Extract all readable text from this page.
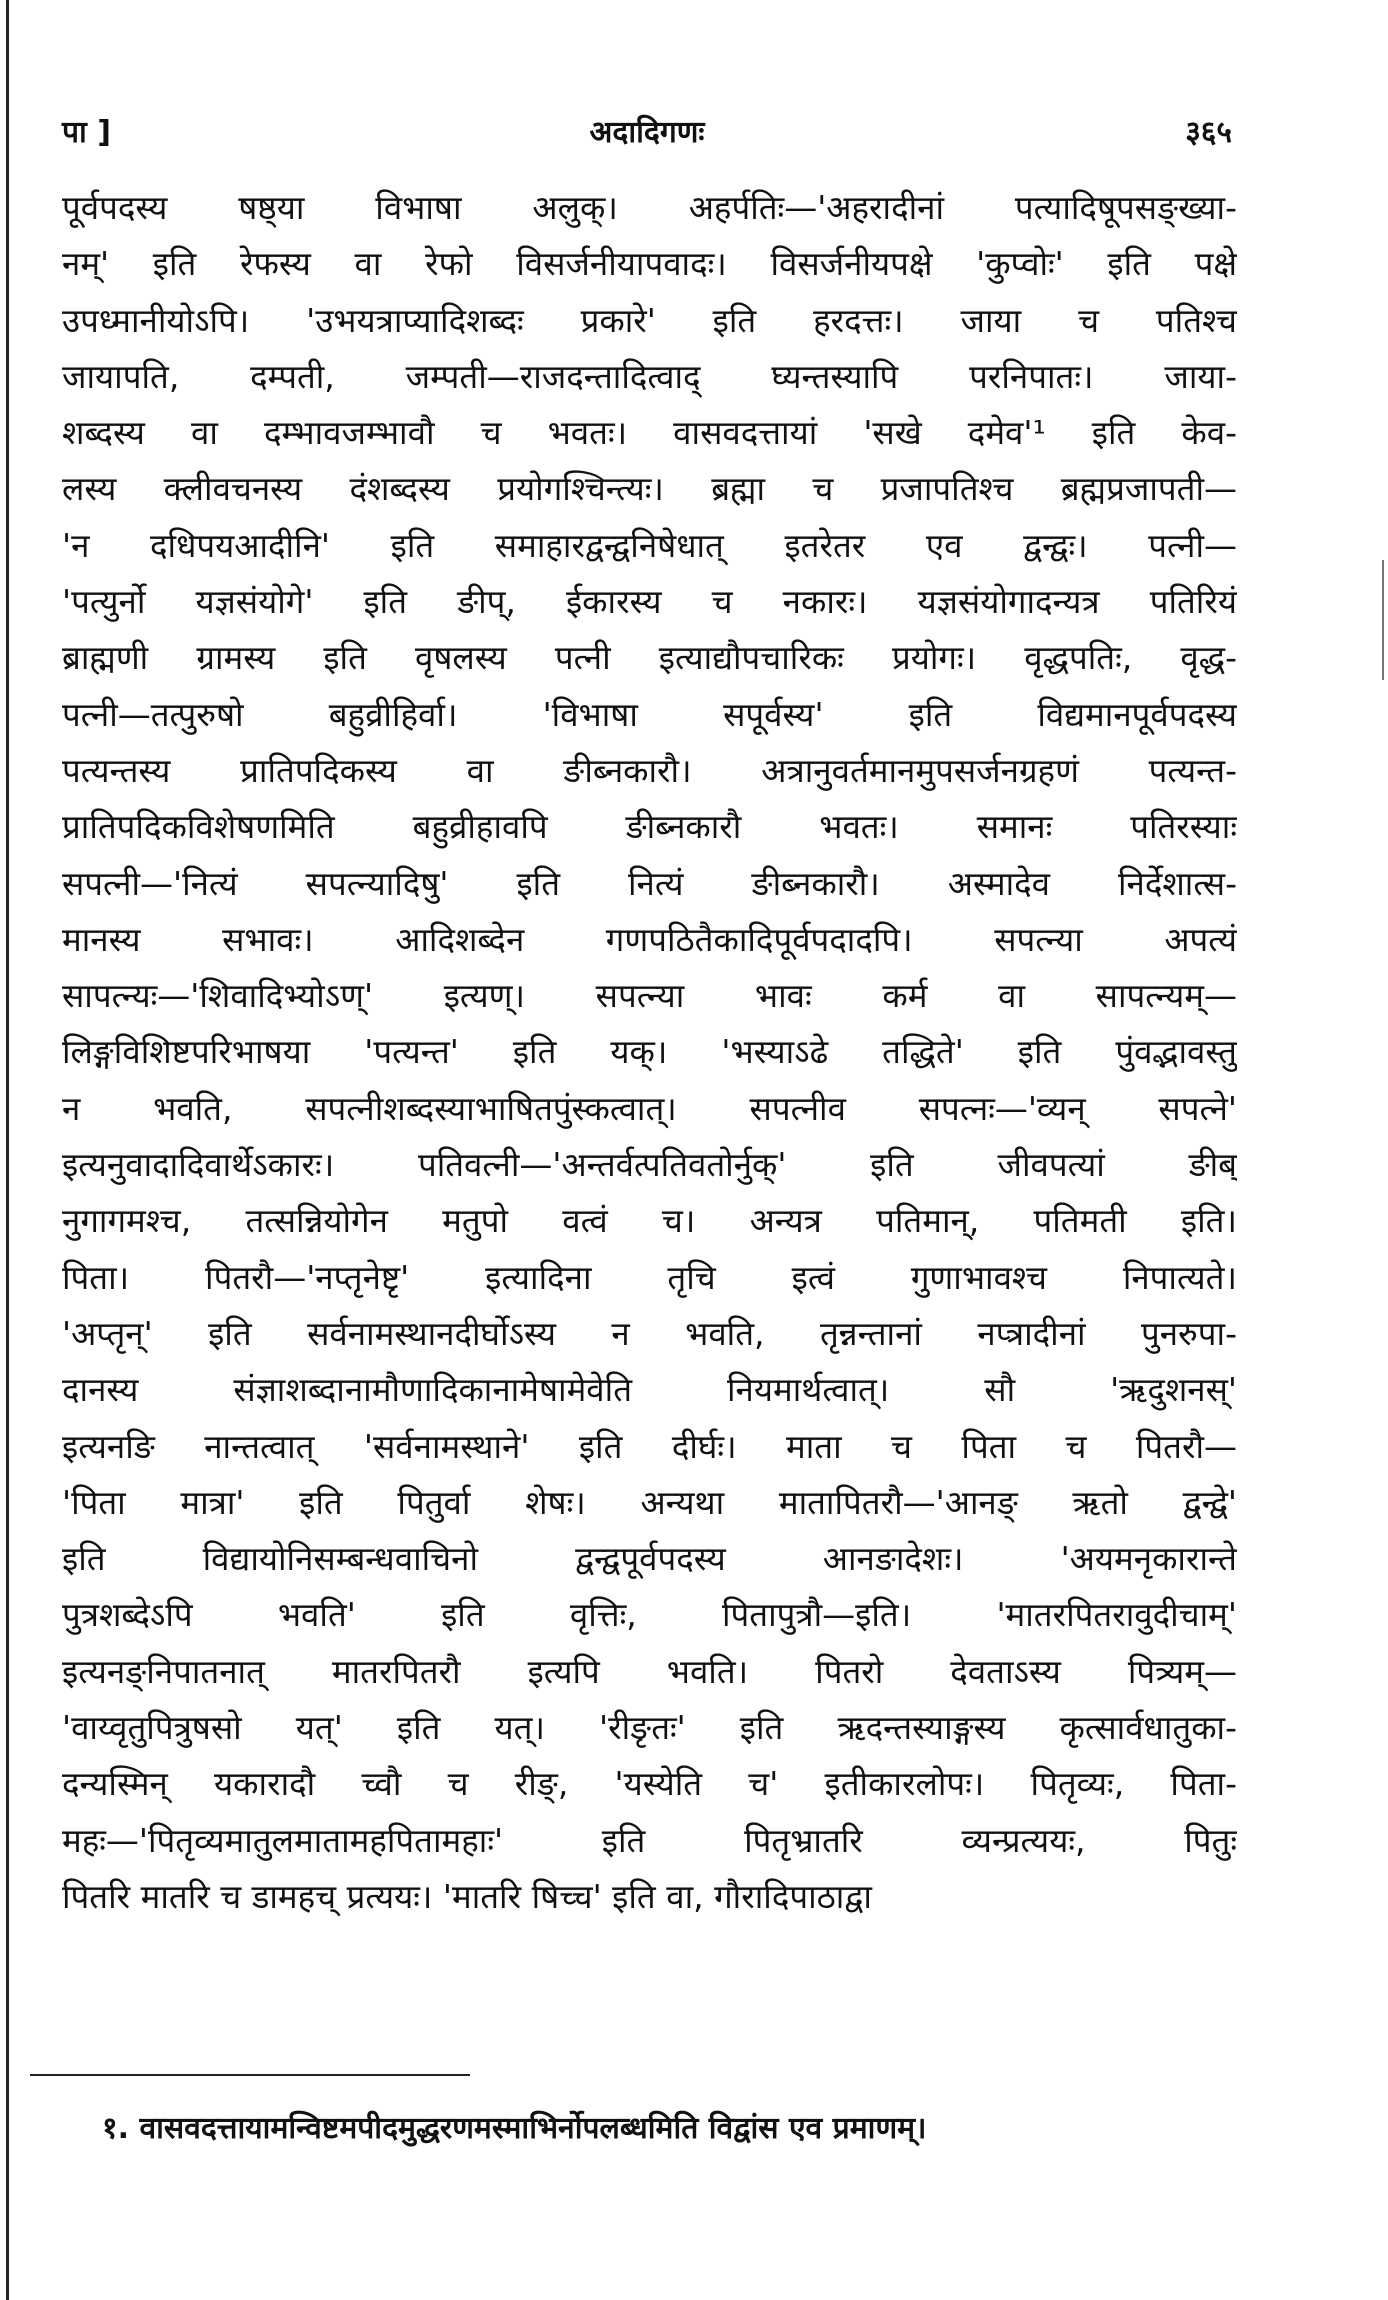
पा ]	अदादिगणः	३६५
पूर्वपदस्य षष्ठ्या विभाषा अलुक्। अहर्पतिः—'अहरादीनां पत्यादिषूपसङ्ख्या-
नम्' इति रेफस्य वा रेफो विसर्जनीयापवादः। विसर्जनीयपक्षे 'कुप्वोः' इति पक्षे
उपध्मानीयोऽपि। 'उभयत्राप्यादिशब्दः प्रकारे' इति हरदत्तः। जाया च पतिश्च
जायापति, दम्पती, जम्पती—राजदन्तादित्वाद् घ्यन्तस्यापि परनिपातः। जाया-
शब्दस्य वा दम्भावजम्भावौ च भवतः। वासवदत्तायां 'सखे दमेव'¹ इति केव-
लस्य क्लीवचनस्य दंशब्दस्य प्रयोगश्चिन्त्यः। ब्रह्मा च प्रजापतिश्च ब्रह्मप्रजापती—
'न दधिपयआदीनि' इति समाहारद्वन्द्वनिषेधात् इतरेतर एव द्वन्द्वः। पत्नी—
'पत्युर्नो यज्ञसंयोगे' इति ङीप्, ईकारस्य च नकारः। यज्ञसंयोगादन्यत्र पतिरियं
ब्राह्मणी ग्रामस्य इति वृषलस्य पत्नी इत्याद्यौपचारिकः प्रयोगः। वृद्धपतिः, वृद्ध-
पत्नी—तत्पुरुषो बहुव्रीहिर्वा। 'विभाषा सपूर्वस्य' इति विद्यमानपूर्वपदस्य
पत्यन्तस्य प्रातिपदिकस्य वा ङीब्नकारौ। अत्रानुवर्तमानमुपसर्जनग्रहणं पत्यन्त-
प्रातिपदिकविशेषणमिति बहुव्रीहावपि ङीब्नकारौ भवतः। समानः पतिरस्याः
सपत्नी—'नित्यं सपत्न्यादिषु' इति नित्यं ङीब्नकारौ। अस्मादेव निर्देशात्स-
मानस्य सभावः। आदिशब्देन गणपठितैकादिपूर्वपदादपि। सपत्न्या अपत्यं
सापत्न्यः—'शिवादिभ्योऽण्' इत्यण्। सपत्न्या भावः कर्म वा सापत्न्यम्—
लिङ्गविशिष्टपरिभाषया 'पत्यन्त' इति यक्। 'भस्याऽढे तद्धिते' इति पुंवद्भावस्तु
न भवति, सपत्नीशब्दस्याभाषितपुंस्कत्वात्। सपत्नीव सपत्नः—'व्यन् सपत्ने'
इत्यनुवादादिवार्थेऽकारः। पतिवत्नी—'अन्तर्वत्पतिवतोर्नुक्' इति जीवपत्यां ङीब्
नुगागमश्च, तत्सन्नियोगेन मतुपो वत्वं च। अन्यत्र पतिमान्, पतिमती इति।
पिता। पितरौ—'नप्तृनेष्टृ' इत्यादिना तृचि इत्वं गुणाभावश्च निपात्यते।
'अप्तृन्' इति सर्वनामस्थानदीर्घोऽस्य न भवति, तृन्नन्तानां नप्त्रादीनां पुनरुपा-
दानस्य संज्ञाशब्दानामौणादिकानामेषामेवेति नियमार्थत्वात्। सौ 'ऋदुशनस्'
इत्यनङि नान्तत्वात् 'सर्वनामस्थाने' इति दीर्घः। माता च पिता च पितरौ—
'पिता मात्रा' इति पितुर्वा शेषः। अन्यथा मातापितरौ—'आनङ् ऋतो द्वन्द्वे'
इति विद्यायोनिसम्बन्धवाचिनो द्वन्द्वपूर्वपदस्य आनङादेशः। 'अयमनृकारान्ते
पुत्रशब्देऽपि भवति' इति वृत्तिः, पितापुत्रौ—इति। 'मातरपितरावुदीचाम्'
इत्यनङ्निपातनात् मातरपितरौ इत्यपि भवति। पितरो देवताऽस्य पित्र्यम्—
'वाय्वृतुपित्रुषसो यत्' इति यत्। 'रीङृतः' इति ऋदन्तस्याङ्गस्य कृत्सार्वधातुका-
दन्यस्मिन् यकारादौ च्वौ च रीङ्, 'यस्येति च' इतीकारलोपः। पितृव्यः, पिता-
महः—'पितृव्यमातुलमातामहपितामहाः' इति पितृभ्रातरि व्यन्प्रत्ययः, पितुः
पितरि मातरि च डामहच् प्रत्ययः। 'मातरि षिच्च' इति वा, गौरादिपाठाद्वा
१. वासवदत्तायामन्विष्टमपीदमुद्धरणमस्माभिर्नोपलब्धमिति विद्वांस एव प्रमाणम्।
